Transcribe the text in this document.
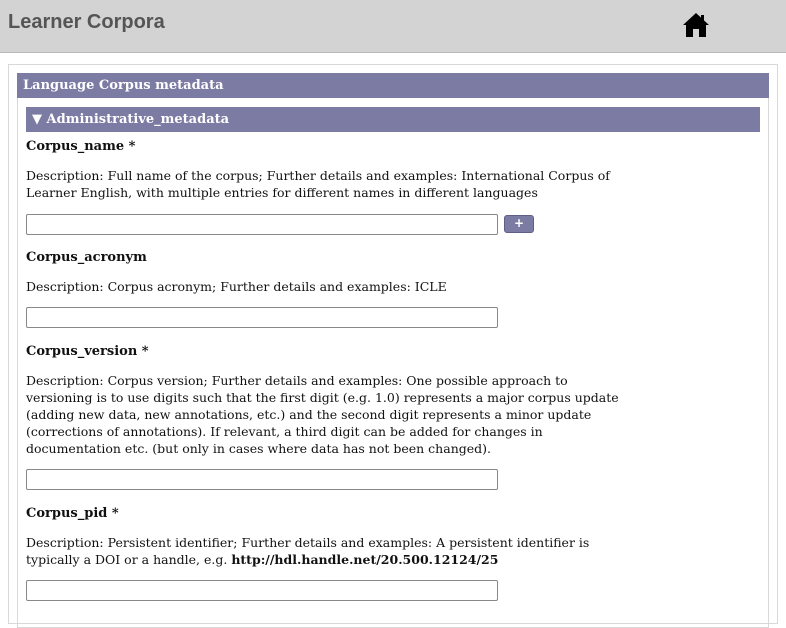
Learner Corpora
Language Corpus metadata
▼ Administrative_metadata
Corpus_name *
Description: Full name of the corpus; Further details and examples: International Corpus of Learner English, with multiple entries for different names in different languages
+
Corpus_acronym
Description: Corpus acronym; Further details and examples: ICLE
Corpus_version *
Description: Corpus version; Further details and examples: One possible approach to versioning is to use digits such that the first digit (e.g. 1.0) represents a major corpus update (adding new data, new annotations, etc.) and the second digit represents a minor update (corrections of annotations). If relevant, a third digit can be added for changes in documentation etc. (but only in cases where data has not been changed).
Corpus_pid *
Description: Persistent identifier; Further details and examples: A persistent identifier is typically a DOI or a handle, e.g. http://hdl.handle.net/20.500.12124/25
